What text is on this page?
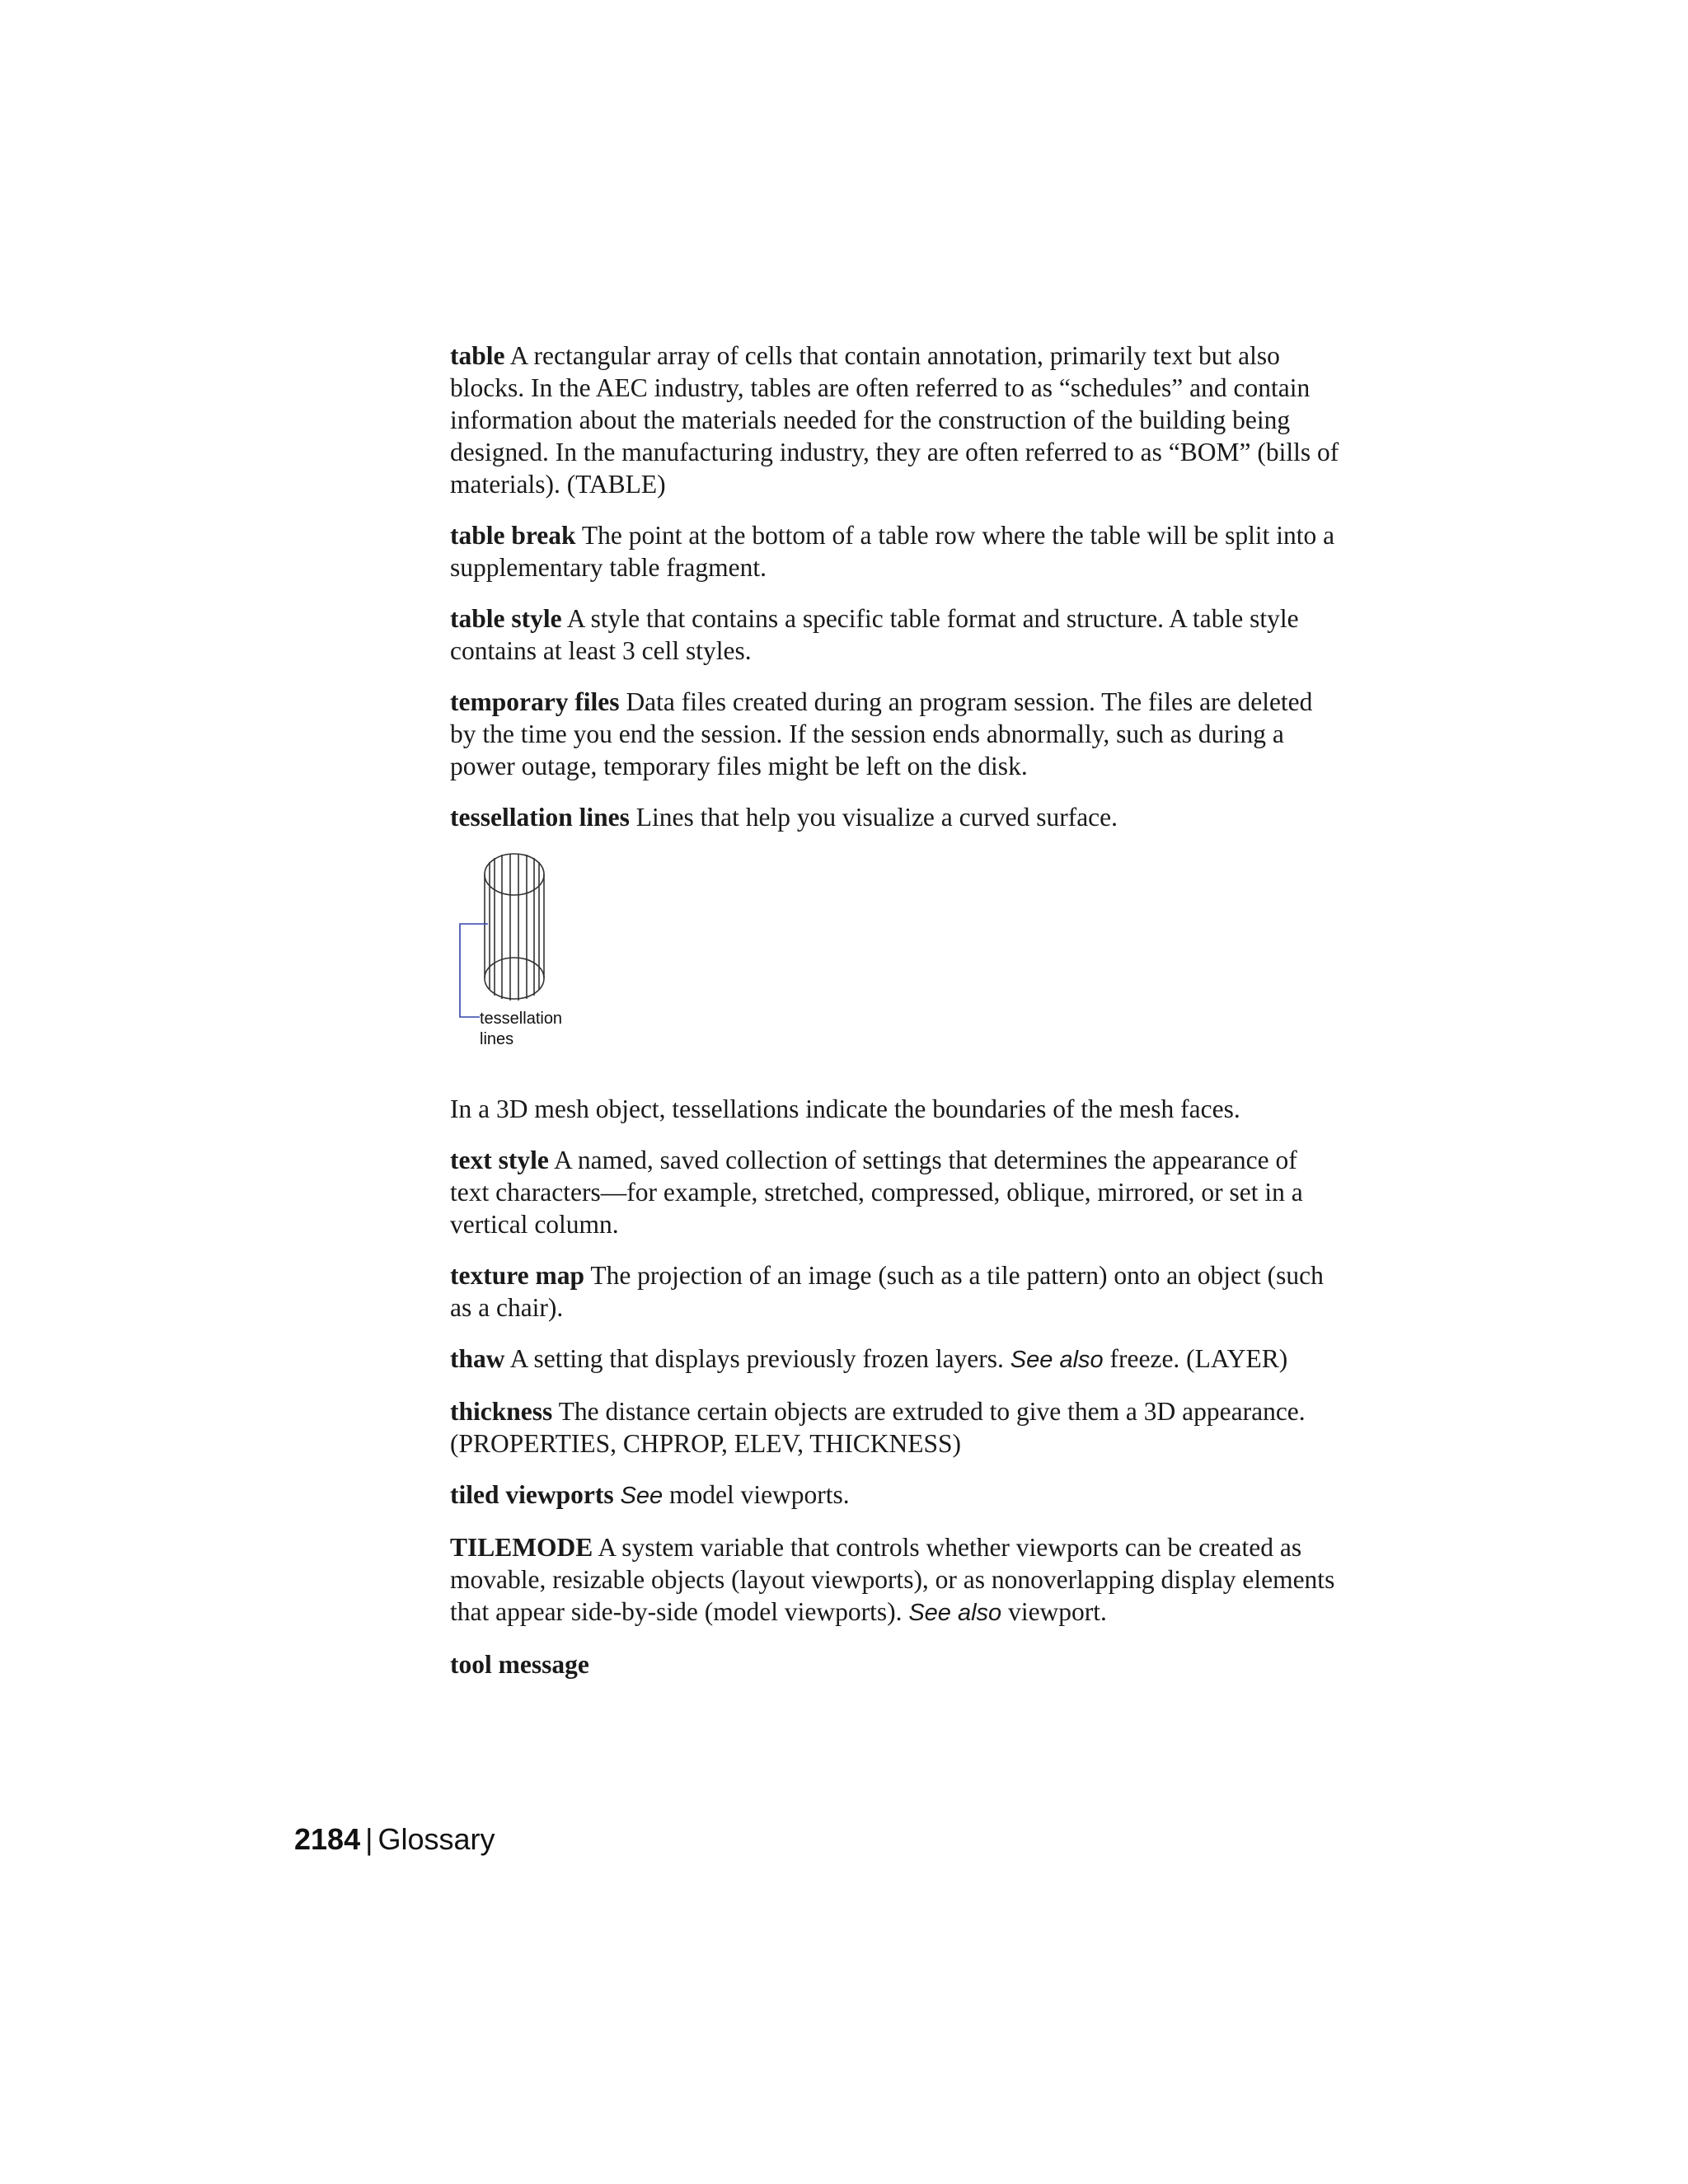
table A rectangular array of cells that contain annotation, primarily text but also blocks. In the AEC industry, tables are often referred to as “schedules” and contain information about the materials needed for the construction of the building being designed. In the manufacturing industry, they are often referred to as “BOM” (bills of materials). (TABLE)

table break The point at the bottom of a table row where the table will be split into a supplementary table fragment.

table style A style that contains a specific table format and structure. A table style contains at least 3 cell styles.

temporary files Data files created during an program session. The files are deleted by the time you end the session. If the session ends abnormally, such as during a power outage, temporary files might be left on the disk.

tessellation lines Lines that help you visualize a curved surface.

tessellation
lines

In a 3D mesh object, tessellations indicate the boundaries of the mesh faces.

text style A named, saved collection of settings that determines the appearance of text characters—for example, stretched, compressed, oblique, mirrored, or set in a vertical column.

texture map The projection of an image (such as a tile pattern) onto an object (such as a chair).

thaw A setting that displays previously frozen layers. See also freeze. (LAYER)

thickness The distance certain objects are extruded to give them a 3D appearance. (PROPERTIES, CHPROP, ELEV, THICKNESS)

tiled viewports See model viewports.

TILEMODE A system variable that controls whether viewports can be created as movable, resizable objects (layout viewports), or as nonoverlapping display elements that appear side-by-side (model viewports). See also viewport.

tool message

2184 | Glossary
